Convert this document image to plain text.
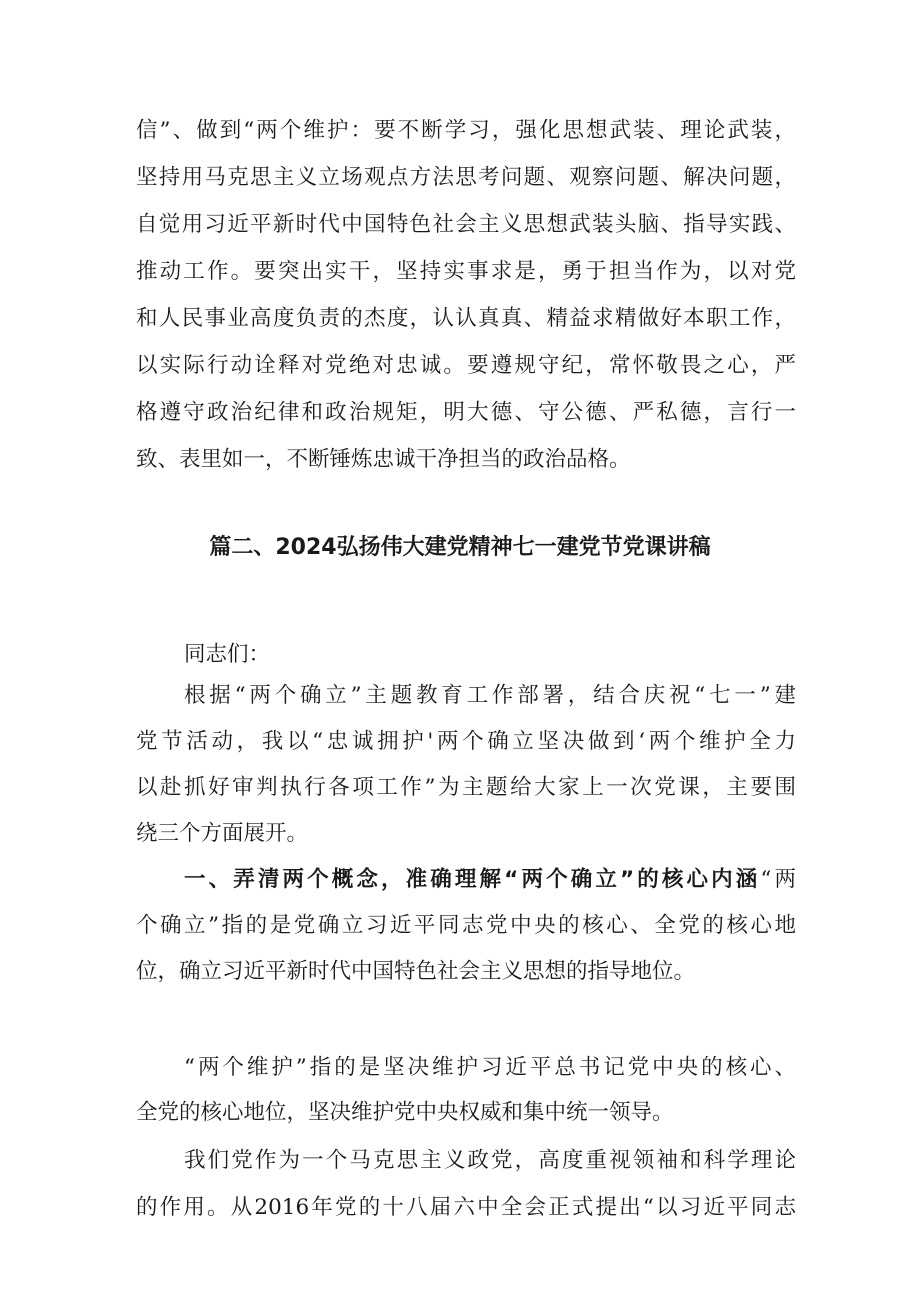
信”、做到“两个维护：要不断学习，强化思想武装、理论武装，
坚持用马克思主义立场观点方法思考问题、观察问题、解决问题，
自觉用习近平新时代中国特色社会主义思想武装头脑、指导实践、
推动工作。要突出实干，坚持实事求是，勇于担当作为，以对党
和人民事业高度负责的杰度，认认真真、精益求精做好本职工作，
以实际行动诠释对党绝对忠诚。要遵规守纪，常怀敬畏之心，严
格遵守政治纪律和政治规矩，明大德、守公德、严私德，言行一
致、表里如一，不断锤炼忠诚干净担当的政治品格。
篇二、2024弘扬伟大建党精神七一建党节党课讲稿
同志们：
根据“两个确立”主题教育工作部署，结合庆祝“七一”建
党节活动，我以“忠诚拥护'两个确立坚决做到‘两个维护全力
以赴抓好审判执行各项工作”为主题给大家上一次党课，主要围
绕三个方面展开。
一、弄清两个概念，准确理解“两个确立”的核心内涵“两
个确立”指的是党确立习近平同志党中央的核心、全党的核心地
位，确立习近平新时代中国特色社会主义思想的指导地位。
“两个维护”指的是坚决维护习近平总书记党中央的核心、
全党的核心地位，坚决维护党中央权威和集中统一领导。
我们党作为一个马克思主义政党，高度重视领袖和科学理论
的作用。从2016年党的十八届六中全会正式提出“以习近平同志
